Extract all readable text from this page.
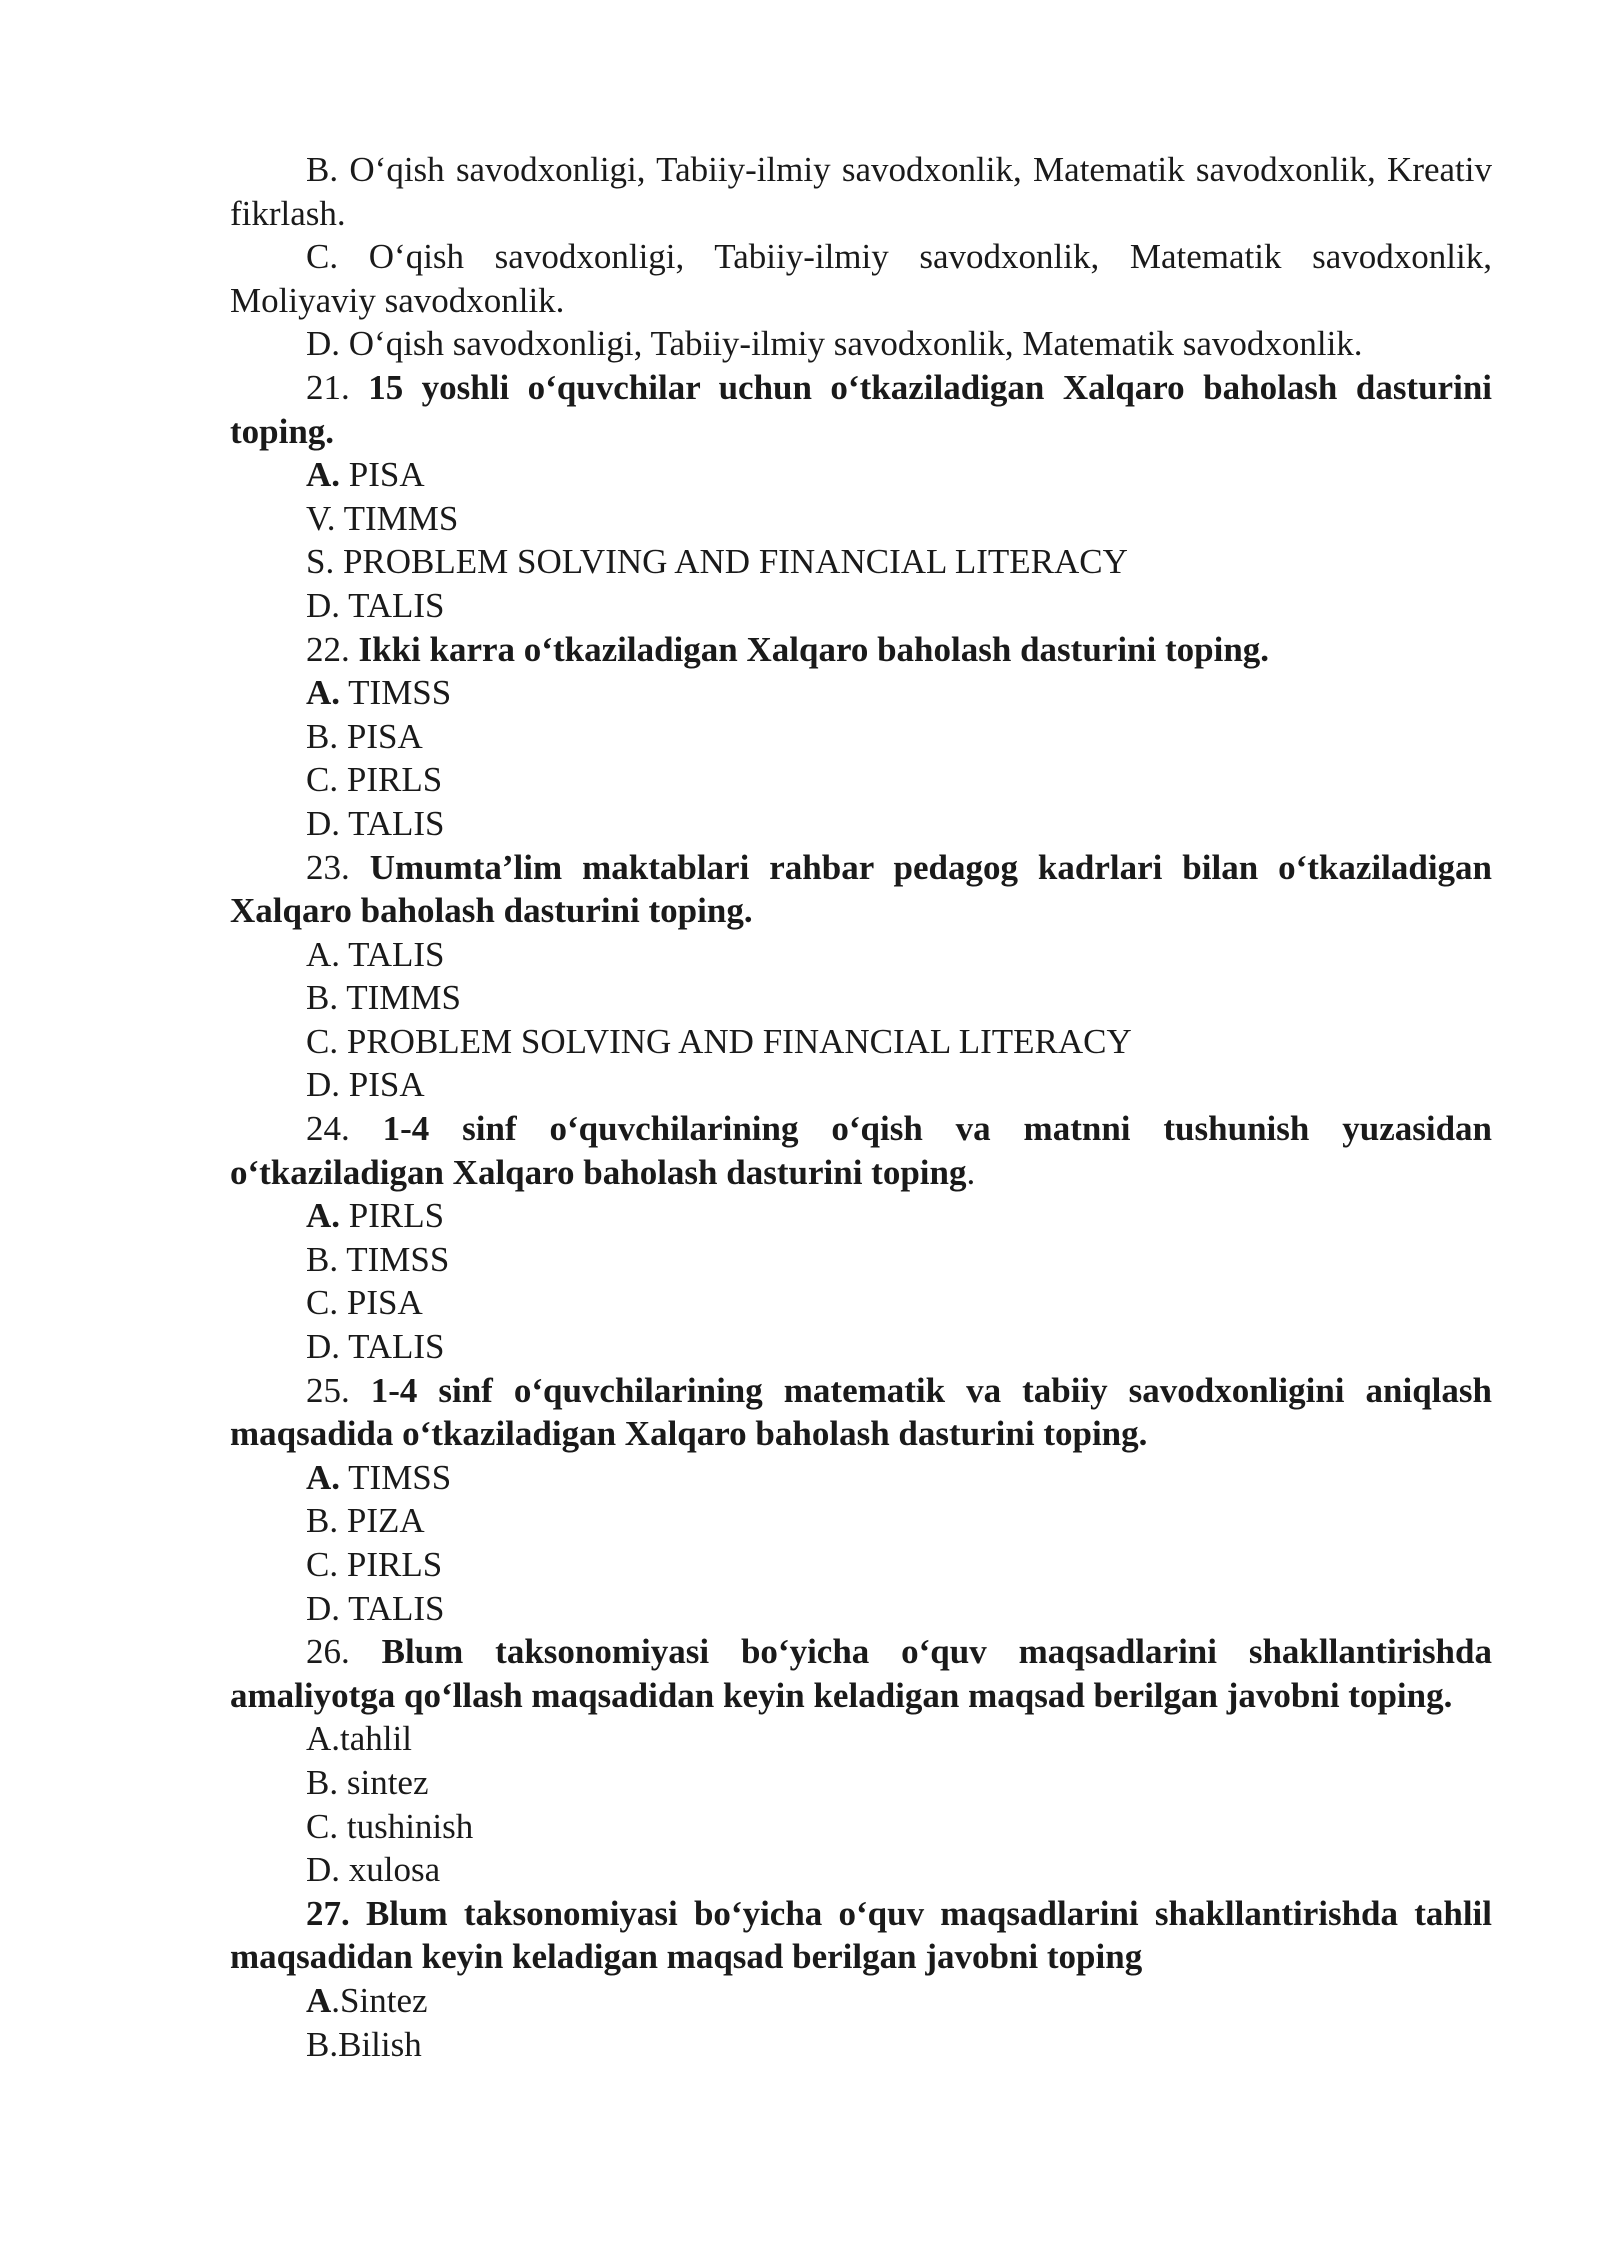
B. O‘qish savodxonligi, Tabiiy-ilmiy savodxonlik, Matematik savodxonlik, Kreativ fikrlash.

C. O‘qish savodxonligi, Tabiiy-ilmiy savodxonlik, Matematik savodxonlik, Moliyaviy savodxonlik.

D. O‘qish savodxonligi, Tabiiy-ilmiy savodxonlik, Matematik savodxonlik.

21. 15 yoshli o‘quvchilar uchun o‘tkaziladigan Xalqaro baholash dasturini toping.

A. PISA

V. TIMMS

S. PROBLEM SOLVING AND FINANCIAL LITERACY

D. TALIS

22. Ikki karra o‘tkaziladigan Xalqaro baholash dasturini toping.

A. TIMSS

B. PISA

C. PIRLS

D. TALIS

23. Umumta’lim maktablari rahbar pedagog kadrlari bilan o‘tkaziladigan Xalqaro baholash dasturini toping.

A. TALIS

B. TIMMS

C. PROBLEM SOLVING AND FINANCIAL LITERACY

D. PISA

24. 1-4 sinf o‘quvchilarining o‘qish va matnni tushunish yuzasidan o‘tkaziladigan Xalqaro baholash dasturini toping.

A. PIRLS

B. TIMSS

C. PISA

D. TALIS

25. 1-4 sinf o‘quvchilarining matematik va tabiiy savodxonligini aniqlash maqsadida o‘tkaziladigan Xalqaro baholash dasturini toping.

A. TIMSS

B. PIZA

C. PIRLS

D. TALIS

26. Blum taksonomiyasi bo‘yicha o‘quv maqsadlarini shakllantirishda amaliyotga qo‘llash maqsadidan keyin keladigan maqsad berilgan javobni toping.

A.tahlil

B. sintez

C. tushinish

D. xulosa

27. Blum taksonomiyasi bo‘yicha o‘quv maqsadlarini shakllantirishda tahlil maqsadidan keyin keladigan maqsad berilgan javobni toping

A.Sintez

B.Bilish
